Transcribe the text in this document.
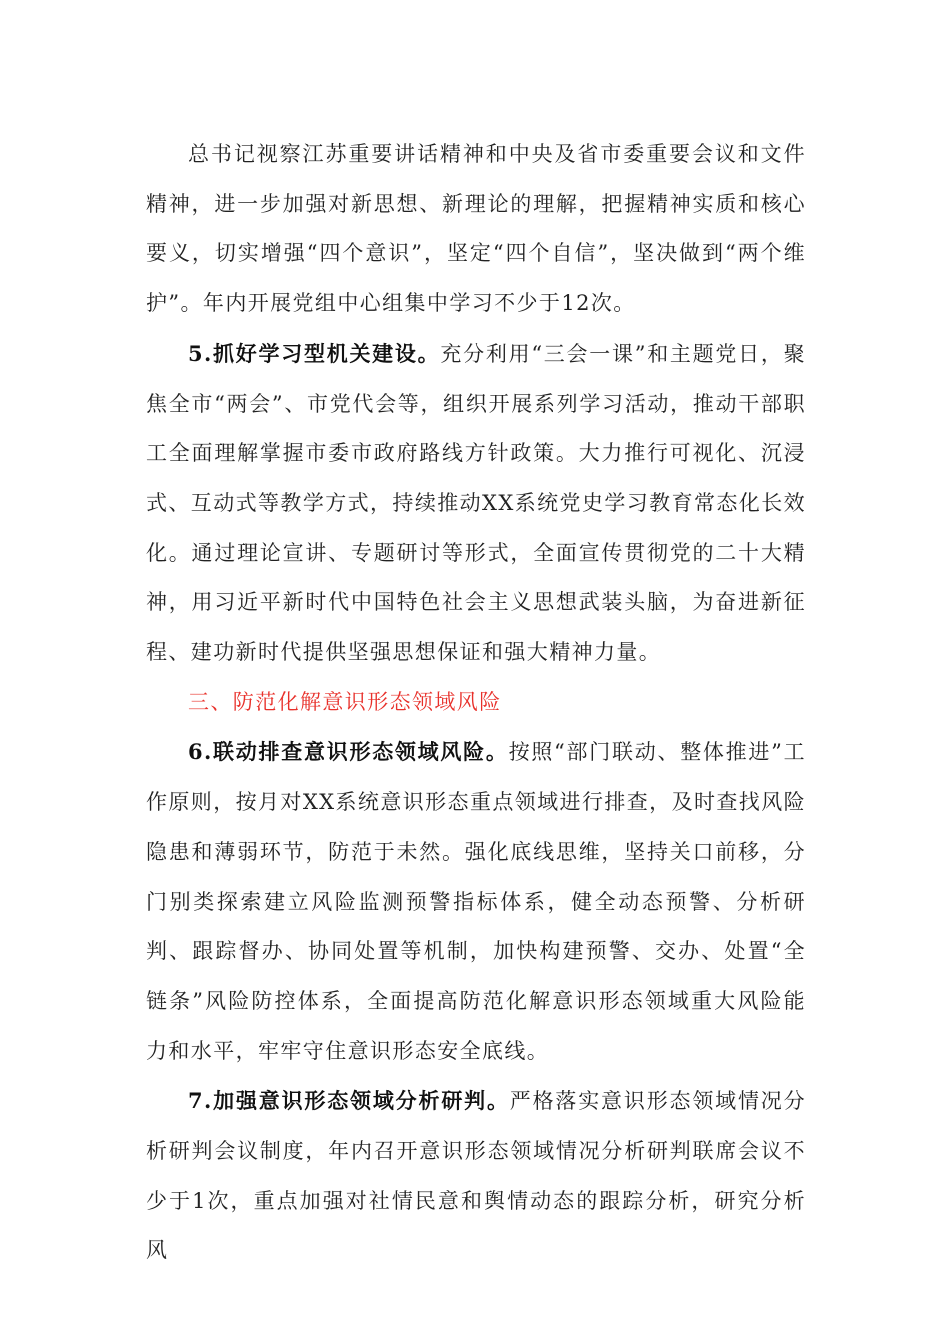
总书记视察江苏重要讲话精神和中央及省市委重要会议和文件精神，进一步加强对新思想、新理论的理解，把握精神实质和核心要义，切实增强“四个意识”，坚定“四个自信”，坚决做到“两个维护”。年内开展党组中心组集中学习不少于12次。

5.抓好学习型机关建设。充分利用“三会一课”和主题党日，聚焦全市“两会”、市党代会等，组织开展系列学习活动，推动干部职工全面理解掌握市委市政府路线方针政策。大力推行可视化、沉浸式、互动式等教学方式，持续推动XX系统党史学习教育常态化长效化。通过理论宣讲、专题研讨等形式，全面宣传贯彻党的二十大精神，用习近平新时代中国特色社会主义思想武装头脑，为奋进新征程、建功新时代提供坚强思想保证和强大精神力量。

三、防范化解意识形态领域风险

6.联动排查意识形态领域风险。按照“部门联动、整体推进”工作原则，按月对XX系统意识形态重点领域进行排查，及时查找风险隐患和薄弱环节，防范于未然。强化底线思维，坚持关口前移，分门别类探索建立风险监测预警指标体系，健全动态预警、分析研判、跟踪督办、协同处置等机制，加快构建预警、交办、处置“全链条”风险防控体系，全面提高防范化解意识形态领域重大风险能力和水平，牢牢守住意识形态安全底线。

7.加强意识形态领域分析研判。严格落实意识形态领域情况分析研判会议制度，年内召开意识形态领域情况分析研判联席会议不少于1次，重点加强对社情民意和舆情动态的跟踪分析，研究分析风
